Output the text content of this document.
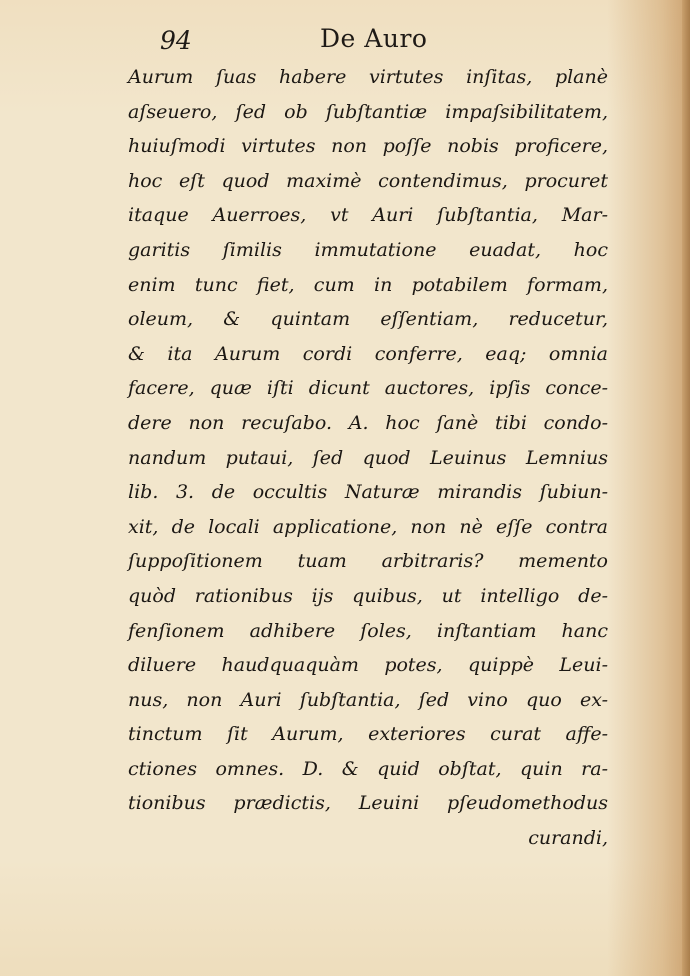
94	De Auro
Aurum ſuas habere virtutes inſitas, planè
aſseuero, ſed ob ſubſtantiæ impaſsibilitatem,
huiuſmodi virtutes non poſſe nobis proficere,
hoc eſt quod maximè contendimus, procuret
itaque Auerroes, vt Auri ſubſtantia, Mar-
garitis ſimilis immutatione euadat, hoc
enim tunc fiet, cum in potabilem formam,
oleum, & quintam eſſentiam, reducetur,
& ita Aurum cordi conferre, eaq; omnia
facere, quæ iſti dicunt auctores, ipſis conce-
dere non recuſabo. A. hoc ſanè tibi condo-
nandum putaui, ſed quod Leuinus Lemnius
lib. 3. de occultis Naturæ mirandis ſubiun-
xit, de locali applicatione, non nè eſſe contra
ſuppoſitionem tuam arbitraris? memento
quòd rationibus ijs quibus, ut intelligo de-
fenſionem adhibere ſoles, inſtantiam hanc
diluere haudquaquàm potes, quippè Leui-
nus, non Auri ſubſtantia, ſed vino quo ex-
tinctum ſit Aurum, exteriores curat affe-
ctiones omnes. D. & quid obſtat, quin ra-
tionibus prædictis, Leuini pſeudomethodus
curandi,
